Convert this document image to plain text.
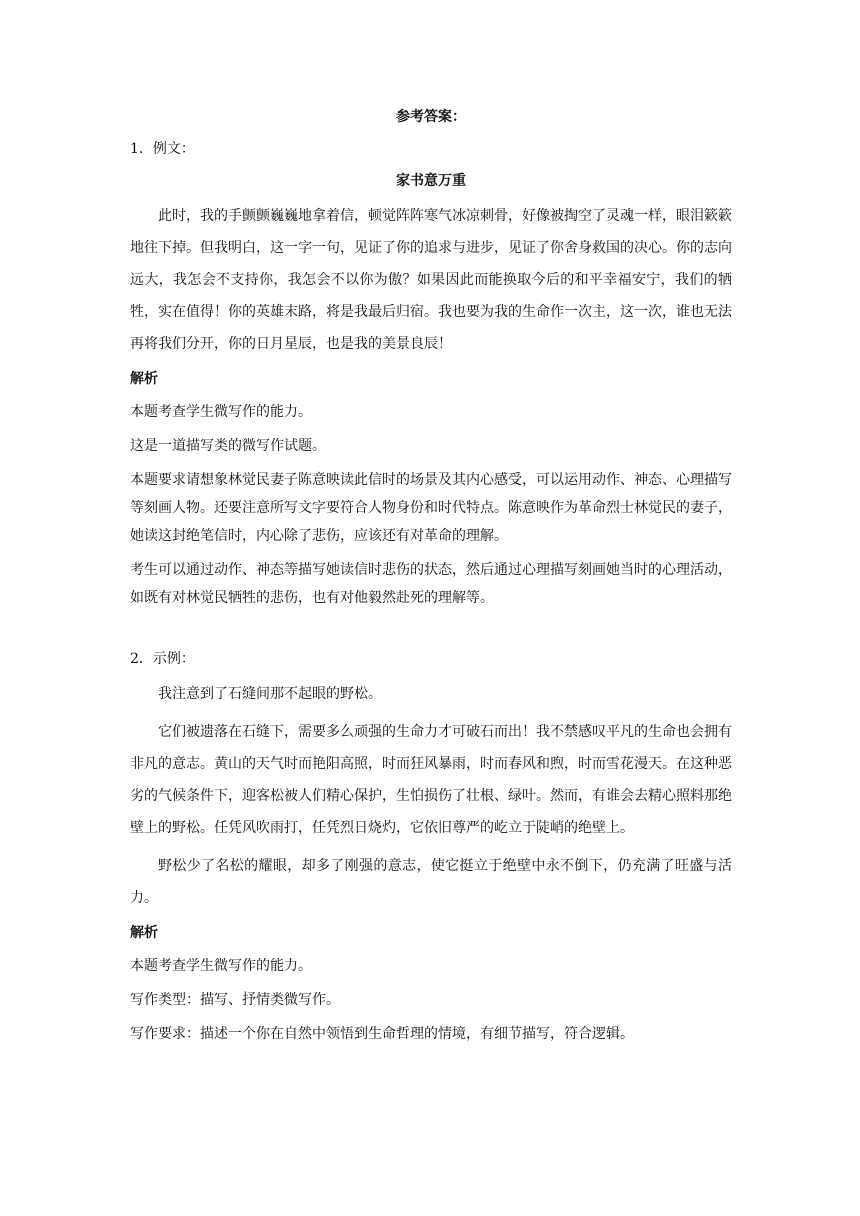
参考答案：

1．例文：

家书意万重

此时，我的手颤颤巍巍地拿着信，顿觉阵阵寒气冰凉刺骨，好像被掏空了灵魂一样，眼泪簌簌地往下掉。但我明白，这一字一句，见证了你的追求与进步，见证了你舍身救国的决心。你的志向远大，我怎会不支持你，我怎会不以你为傲？如果因此而能换取今后的和平幸福安宁，我们的牺牲，实在值得！你的英雄末路，将是我最后归宿。我也要为我的生命作一次主，这一次，谁也无法再将我们分开，你的日月星辰，也是我的美景良辰！

解析

本题考查学生微写作的能力。

这是一道描写类的微写作试题。

本题要求请想象林觉民妻子陈意映读此信时的场景及其内心感受，可以运用动作、神态、心理描写等刻画人物。还要注意所写文字要符合人物身份和时代特点。陈意映作为革命烈士林觉民的妻子，她读这封绝笔信时，内心除了悲伤，应该还有对革命的理解。

考生可以通过动作、神态等描写她读信时悲伤的状态，然后通过心理描写刻画她当时的心理活动，如既有对林觉民牺牲的悲伤，也有对他毅然赴死的理解等。

2．示例：

我注意到了石缝间那不起眼的野松。

它们被遗落在石缝下，需要多么顽强的生命力才可破石而出！我不禁感叹平凡的生命也会拥有非凡的意志。黄山的天气时而艳阳高照，时而狂风暴雨，时而春风和煦，时而雪花漫天。在这种恶劣的气候条件下，迎客松被人们精心保护，生怕损伤了壮根、绿叶。然而，有谁会去精心照料那绝壁上的野松。任凭风吹雨打，任凭烈日烧灼，它依旧尊严的屹立于陡峭的绝壁上。

野松少了名松的耀眼，却多了刚强的意志，使它挺立于绝壁中永不倒下，仍充满了旺盛与活力。

解析

本题考查学生微写作的能力。

写作类型：描写、抒情类微写作。

写作要求：描述一个你在自然中领悟到生命哲理的情境，有细节描写，符合逻辑。
